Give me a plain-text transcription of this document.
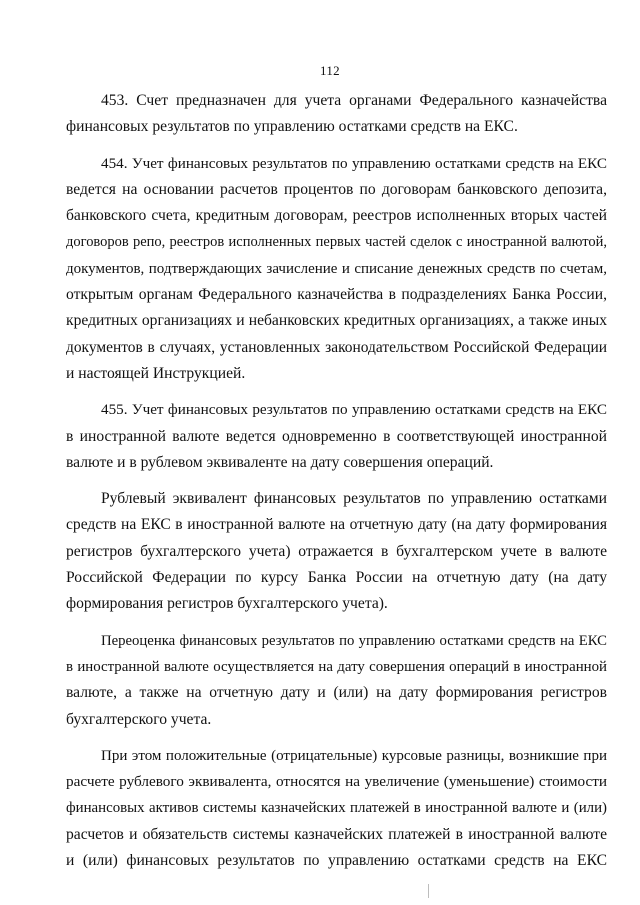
112
453. Счет предназначен для учета органами Федерального казначейства
финансовых результатов по управлению остатками средств на ЕКС.
454. Учет финансовых результатов по управлению остатками средств на ЕКС
ведется на основании расчетов процентов по договорам банковского депозита,
банковского счета, кредитным договорам, реестров исполненных вторых частей
договоров репо, реестров исполненных первых частей сделок с иностранной валютой,
документов, подтверждающих зачисление и списание денежных средств по счетам,
открытым органам Федерального казначейства в подразделениях Банка России,
кредитных организациях и небанковских кредитных организациях, а также иных
документов в случаях, установленных законодательством Российской Федерации
и настоящей Инструкцией.
455. Учет финансовых результатов по управлению остатками средств на ЕКС
в иностранной валюте ведется одновременно в соответствующей иностранной
валюте и в рублевом эквиваленте на дату совершения операций.
Рублевый эквивалент финансовых результатов по управлению остатками
средств на ЕКС в иностранной валюте на отчетную дату (на дату формирования
регистров бухгалтерского учета) отражается в бухгалтерском учете в валюте
Российской Федерации по курсу Банка России на отчетную дату (на дату
формирования регистров бухгалтерского учета).
Переоценка финансовых результатов по управлению остатками средств на ЕКС
в иностранной валюте осуществляется на дату совершения операций в иностранной
валюте, а также на отчетную дату и (или) на дату формирования регистров
бухгалтерского учета.
При этом положительные (отрицательные) курсовые разницы, возникшие при
расчете рублевого эквивалента, относятся на увеличение (уменьшение) стоимости
финансовых активов системы казначейских платежей в иностранной валюте и (или)
расчетов и обязательств системы казначейских платежей в иностранной валюте
и (или) финансовых результатов по управлению остатками средств на ЕКС
